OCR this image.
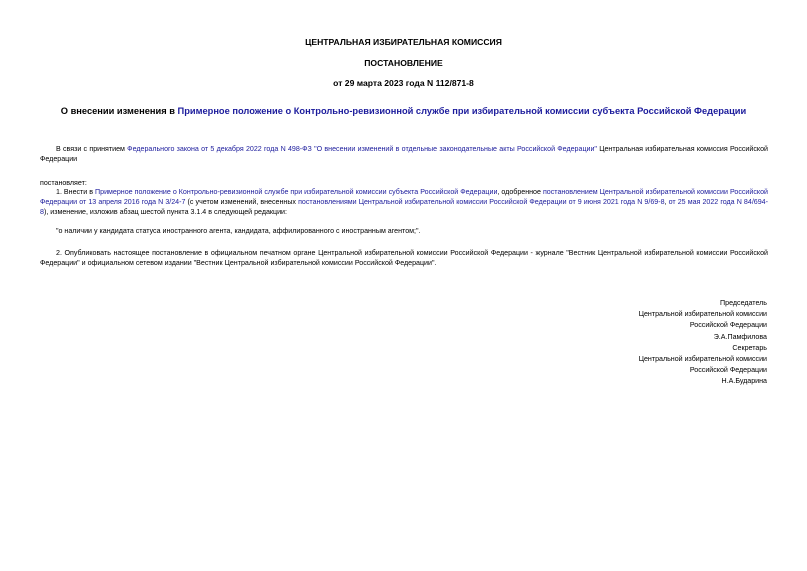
ЦЕНТРАЛЬНАЯ ИЗБИРАТЕЛЬНАЯ КОМИССИЯ
ПОСТАНОВЛЕНИЕ
от 29 марта 2023 года N 112/871-8
О внесении изменения в Примерное положение о Контрольно-ревизионной службе при избирательной комиссии субъекта Российской Федерации
В связи с принятием Федерального закона от 5 декабря 2022 года N 498-ФЗ "О внесении изменений в отдельные законодательные акты Российской Федерации" Центральная избирательная комиссия Российской Федерации
постановляет:
1. Внести в Примерное положение о Контрольно-ревизионной службе при избирательной комиссии субъекта Российской Федерации, одобренное постановлением Центральной избирательной комиссии Российской Федерации от 13 апреля 2016 года N 3/24-7 (с учетом изменений, внесенных постановлениями Центральной избирательной комиссии Российской Федерации от 9 июня 2021 года N 9/69-8, от 25 мая 2022 года N 84/694-8), изменение, изложив абзац шестой пункта 3.1.4 в следующей редакции:
"о наличии у кандидата статуса иностранного агента, кандидата, аффилированного с иностранным агентом;".
2. Опубликовать настоящее постановление в официальном печатном органе Центральной избирательной комиссии Российской Федерации - журнале "Вестник Центральной избирательной комиссии Российской Федерации" и официальном сетевом издании "Вестник Центральной избирательной комиссии Российской Федерации".
Председатель
Центральной избирательной комиссии
Российской Федерации
Э.А.Памфилова
Секретарь
Центральной избирательной комиссии
Российской Федерации
Н.А.Бударина
